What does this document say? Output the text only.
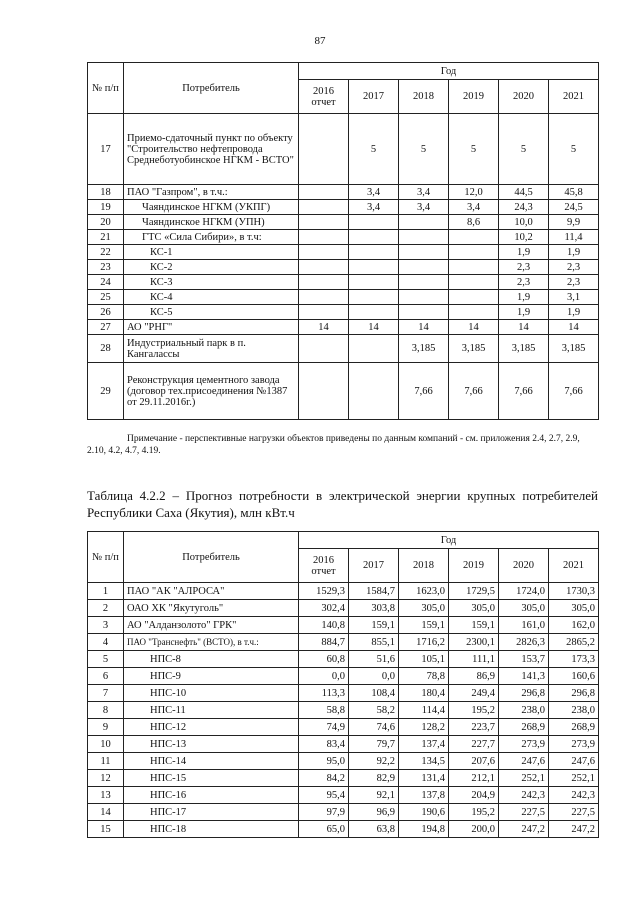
87
№ п/п	Потребитель	Год					
		2016 отчет	2017	2018	2019	2020	2021
17	Приемо-сдаточный пункт по объекту "Строительство нефтепровода Среднеботуобинское НГКМ - ВСТО"		5	5	5	5	5
18	ПАО "Газпром", в т.ч.:		3,4	3,4	12,0	44,5	45,8
19	Чаяндинское НГКМ (УКПГ)		3,4	3,4	3,4	24,3	24,5
20	Чаяндинское НГКМ (УПН)				8,6	10,0	9,9
21	ГТС «Сила Сибири», в т.ч:					10,2	11,4
22	КС-1					1,9	1,9
23	КС-2					2,3	2,3
24	КС-3					2,3	2,3
25	КС-4					1,9	3,1
26	КС-5					1,9	1,9
27	АО "РНГ"	14	14	14	14	14	14
28	Индустриальный парк в п. Кангалассы			3,185	3,185	3,185	3,185
29	Реконструкция цементного завода (договор тех.присоединения №1387 от 29.11.2016г.)			7,66	7,66	7,66	7,66
Примечание - перспективные нагрузки объектов приведены по данным компаний - см. приложения 2.4, 2.7, 2.9, 2.10, 4.2, 4.7, 4.19.
Таблица 4.2.2 – Прогноз потребности в электрической энергии крупных потребителей Республики Саха (Якутия), млн кВт.ч
№ п/п	Потребитель	Год					
		2016 отчет	2017	2018	2019	2020	2021
1	ПАО "АК "АЛРОСА"	1529,3	1584,7	1623,0	1729,5	1724,0	1730,3
2	ОАО ХК "Якутуголь"	302,4	303,8	305,0	305,0	305,0	305,0
3	АО "Алданзолото" ГРК"	140,8	159,1	159,1	159,1	161,0	162,0
4	ПАО "Транснефть" (ВСТО), в т.ч.:	884,7	855,1	1716,2	2300,1	2826,3	2865,2
5	НПС-8	60,8	51,6	105,1	111,1	153,7	173,3
6	НПС-9	0,0	0,0	78,8	86,9	141,3	160,6
7	НПС-10	113,3	108,4	180,4	249,4	296,8	296,8
8	НПС-11	58,8	58,2	114,4	195,2	238,0	238,0
9	НПС-12	74,9	74,6	128,2	223,7	268,9	268,9
10	НПС-13	83,4	79,7	137,4	227,7	273,9	273,9
11	НПС-14	95,0	92,2	134,5	207,6	247,6	247,6
12	НПС-15	84,2	82,9	131,4	212,1	252,1	252,1
13	НПС-16	95,4	92,1	137,8	204,9	242,3	242,3
14	НПС-17	97,9	96,9	190,6	195,2	227,5	227,5
15	НПС-18	65,0	63,8	194,8	200,0	247,2	247,2
